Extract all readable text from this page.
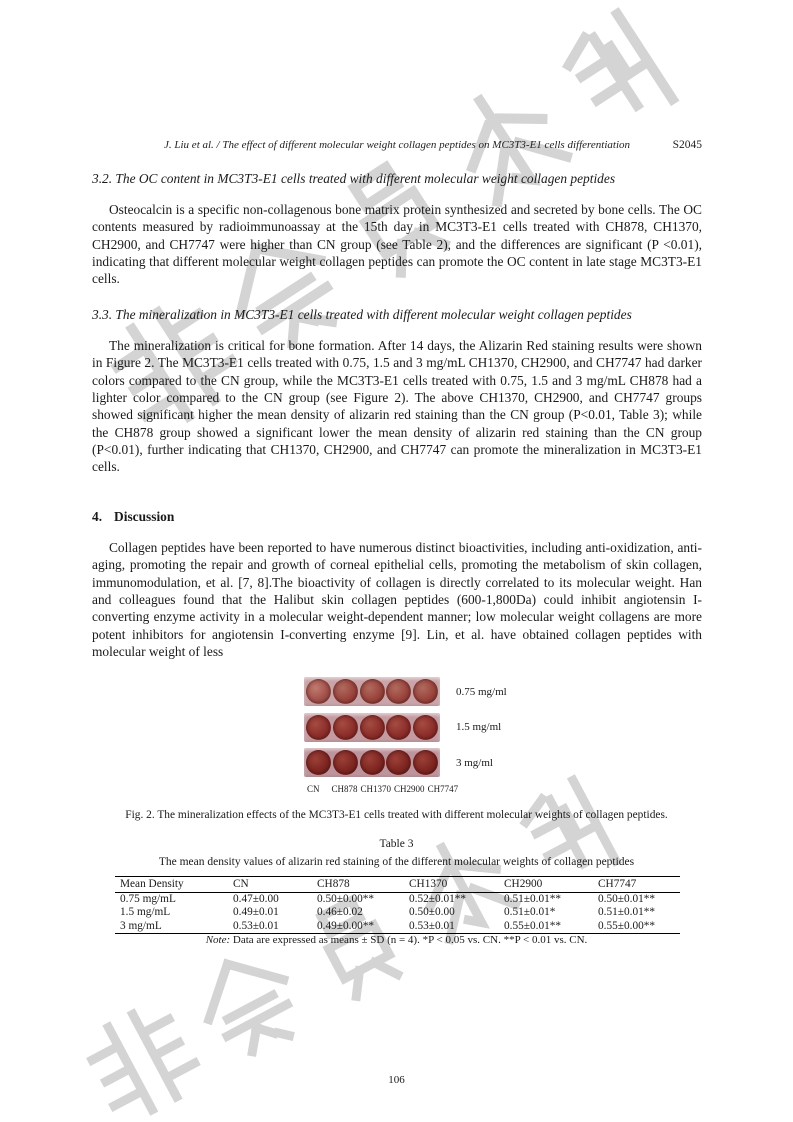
J. Liu et al. / The effect of different molecular weight collagen peptides on MC3T3-E1 cells differentiation	S2045
3.2. The OC content in MC3T3-E1 cells treated with different molecular weight collagen peptides
Osteocalcin is a specific non-collagenous bone matrix protein synthesized and secreted by bone cells. The OC contents measured by radioimmunoassay at the 15th day in MC3T3-E1 cells treated with CH878, CH1370, CH2900, and CH7747 were higher than CN group (see Table 2), and the differences are significant (P <0.01), indicating that different molecular weight collagen peptides can promote the OC content in late stage MC3T3-E1 cells.
3.3. The mineralization in MC3T3-E1 cells treated with different molecular weight collagen peptides
The mineralization is critical for bone formation. After 14 days, the Alizarin Red staining results were shown in Figure 2. The MC3T3-E1 cells treated with 0.75, 1.5 and 3 mg/mL CH1370, CH2900, and CH7747 had darker colors compared to the CN group, while the MC3T3-E1 cells treated with 0.75, 1.5 and 3 mg/mL CH878 had a lighter color compared to the CN group (see Figure 2). The above CH1370, CH2900, and CH7747 groups showed significant higher the mean density of alizarin red staining than the CN group (P<0.01, Table 3); while the CH878 group showed a significant lower the mean density of alizarin red staining than the CN group (P<0.01), further indicating that CH1370, CH2900, and CH7747 can promote the mineralization in MC3T3-E1 cells.
4. Discussion
Collagen peptides have been reported to have numerous distinct bioactivities, including anti-oxidization, anti-aging, promoting the repair and growth of corneal epithelial cells, promoting the metabolism of skin collagen, immunomodulation, et al. [7, 8].The bioactivity of collagen is directly correlated to its molecular weight. Han and colleagues found that the Halibut skin collagen peptides (600-1,800Da) could inhibit angiotensin I-converting enzyme activity in a molecular weight-dependent manner; low molecular weight collagens are more potent inhibitors for angiotensin I-converting enzyme [9]. Lin, et al. have obtained collagen peptides with molecular weight of less
0.75 mg/ml
1.5 mg/ml
3 mg/ml
CN CH878 CH1370 CH2900 CH7747
Fig. 2. The mineralization effects of the MC3T3-E1 cells treated with different molecular weights of collagen peptides.
Table 3
The mean density values of alizarin red staining of the different molecular weights of collagen peptides
Mean Density	CN	CH878	CH1370	CH2900	CH7747
0.75 mg/mL	0.47±0.00	0.50±0.00**	0.52±0.01**	0.51±0.01**	0.50±0.01**
1.5 mg/mL	0.49±0.01	0.46±0.02	0.50±0.00	0.51±0.01*	0.51±0.01**
3 mg/mL	0.53±0.01	0.49±0.00**	0.53±0.01	0.55±0.01**	0.55±0.00**
Note: Data are expressed as means ± SD (n = 4). *P < 0.05 vs. CN. **P < 0.01 vs. CN.
106
